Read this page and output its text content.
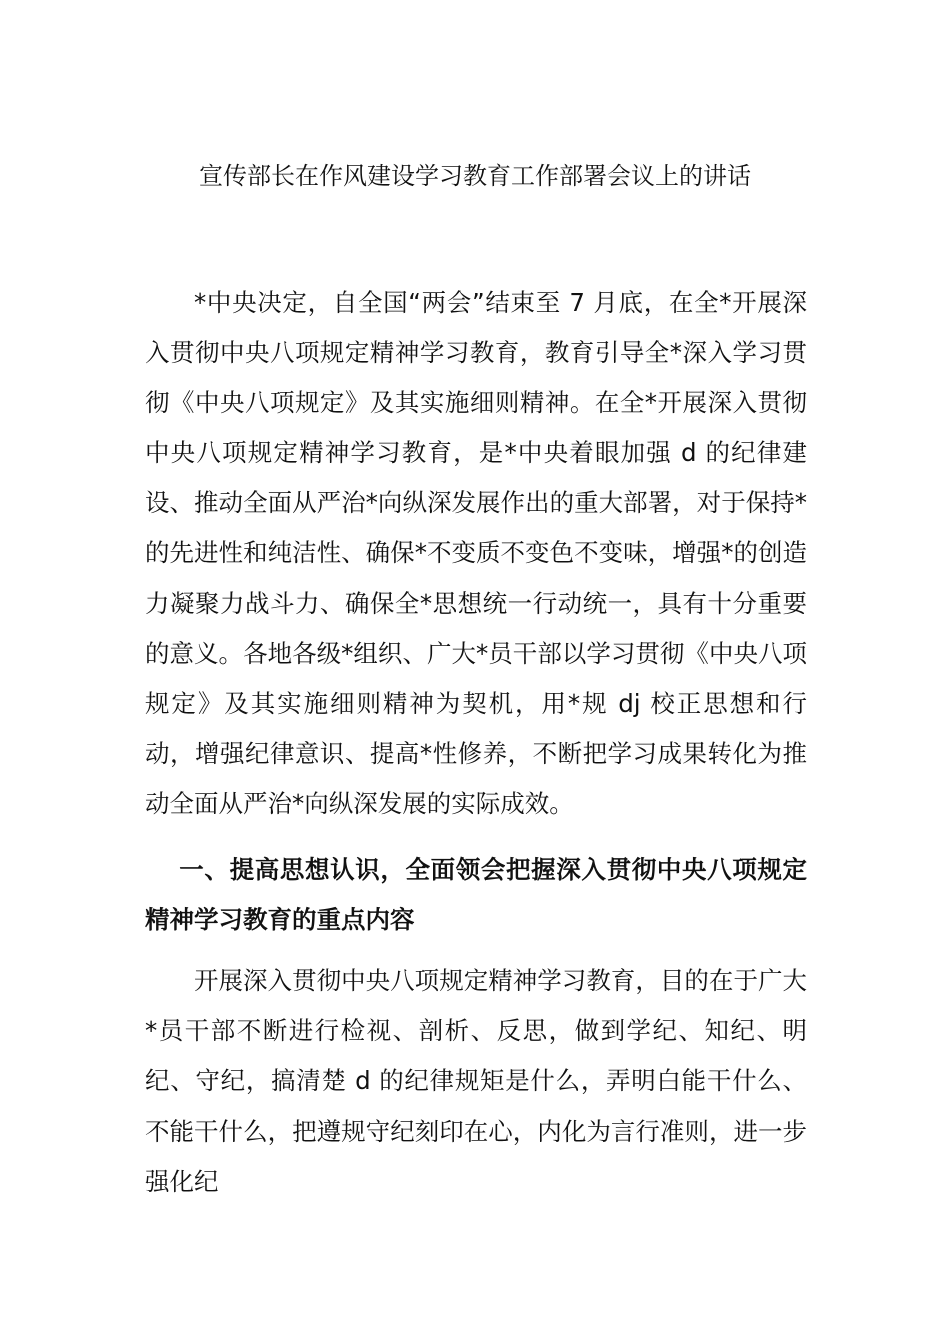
宣传部长在作风建设学习教育工作部署会议上的讲话

*中央决定，自全国“两会”结束至 7 月底，在全*开展深入贯彻中央八项规定精神学习教育，教育引导全*深入学习贯彻《中央八项规定》及其实施细则精神。在全*开展深入贯彻中央八项规定精神学习教育，是*中央着眼加强 d 的纪律建设、推动全面从严治*向纵深发展作出的重大部署，对于保持*的先进性和纯洁性、确保*不变质不变色不变味，增强*的创造力凝聚力战斗力、确保全*思想统一行动统一，具有十分重要的意义。各地各级*组织、广大*员干部以学习贯彻《中央八项规定》及其实施细则精神为契机，用*规 dj 校正思想和行动，增强纪律意识、提高*性修养，不断把学习成果转化为推动全面从严治*向纵深发展的实际成效。

一、提高思想认识，全面领会把握深入贯彻中央八项规定精神学习教育的重点内容

开展深入贯彻中央八项规定精神学习教育，目的在于广大*员干部不断进行检视、剖析、反思，做到学纪、知纪、明纪、守纪，搞清楚 d 的纪律规矩是什么，弄明白能干什么、不能干什么，把遵规守纪刻印在心，内化为言行准则，进一步强化纪
